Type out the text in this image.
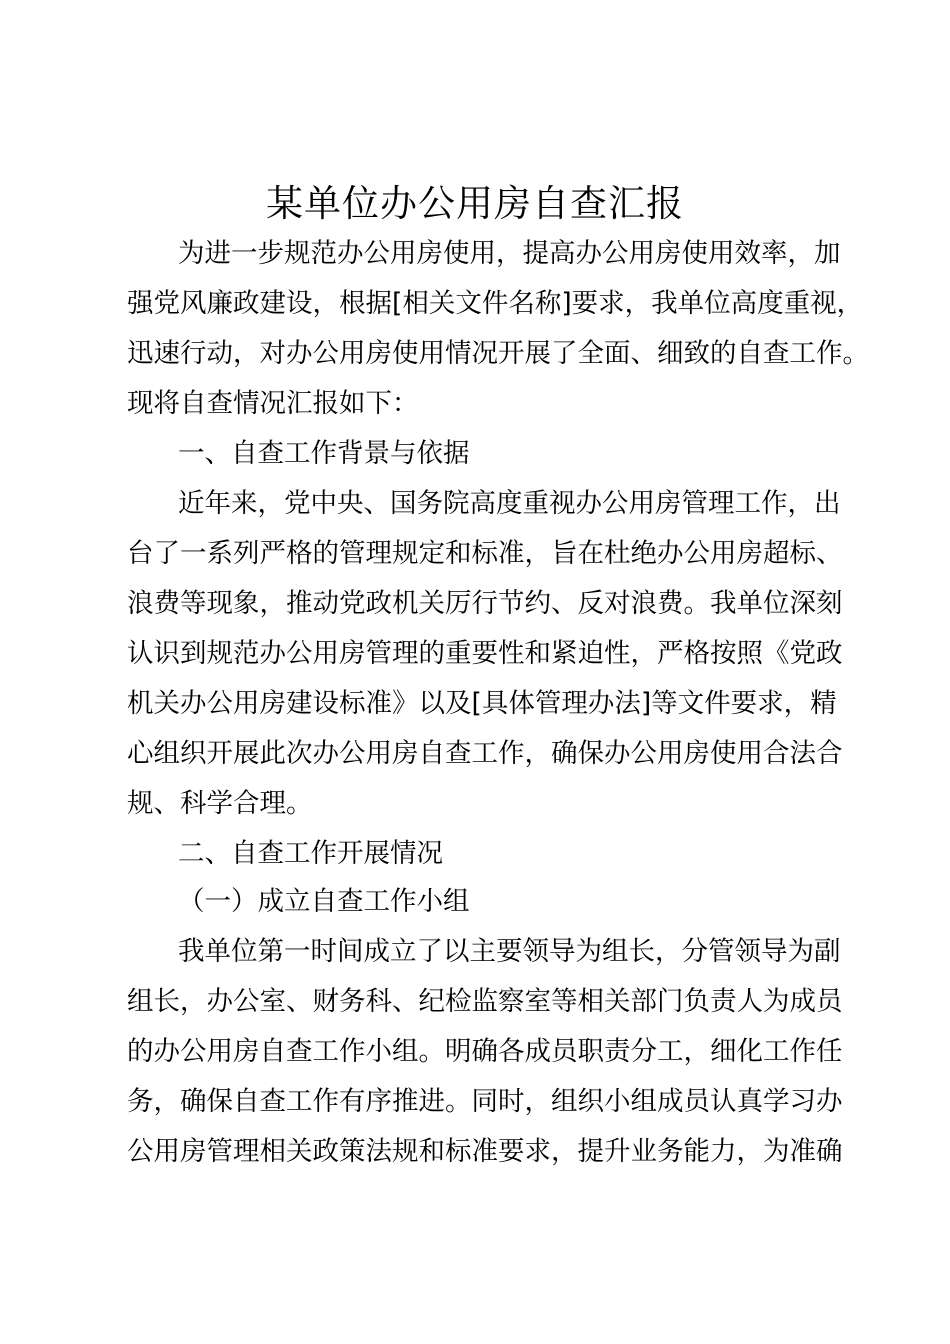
某单位办公用房自查汇报

为进一步规范办公用房使用，提高办公用房使用效率，加

强党风廉政建设，根据[相关文件名称]要求，我单位高度重视，

迅速行动，对办公用房使用情况开展了全面、细致的自查工作。

现将自查情况汇报如下：

一、自查工作背景与依据

近年来，党中央、国务院高度重视办公用房管理工作，出

台了一系列严格的管理规定和标准，旨在杜绝办公用房超标、

浪费等现象，推动党政机关厉行节约、反对浪费。我单位深刻

认识到规范办公用房管理的重要性和紧迫性，严格按照《党政

机关办公用房建设标准》以及[具体管理办法]等文件要求，精

心组织开展此次办公用房自查工作，确保办公用房使用合法合

规、科学合理。

二、自查工作开展情况

（一）成立自查工作小组

我单位第一时间成立了以主要领导为组长，分管领导为副

组长，办公室、财务科、纪检监察室等相关部门负责人为成员

的办公用房自查工作小组。明确各成员职责分工，细化工作任

务，确保自查工作有序推进。同时，组织小组成员认真学习办

公用房管理相关政策法规和标准要求，提升业务能力，为准确
